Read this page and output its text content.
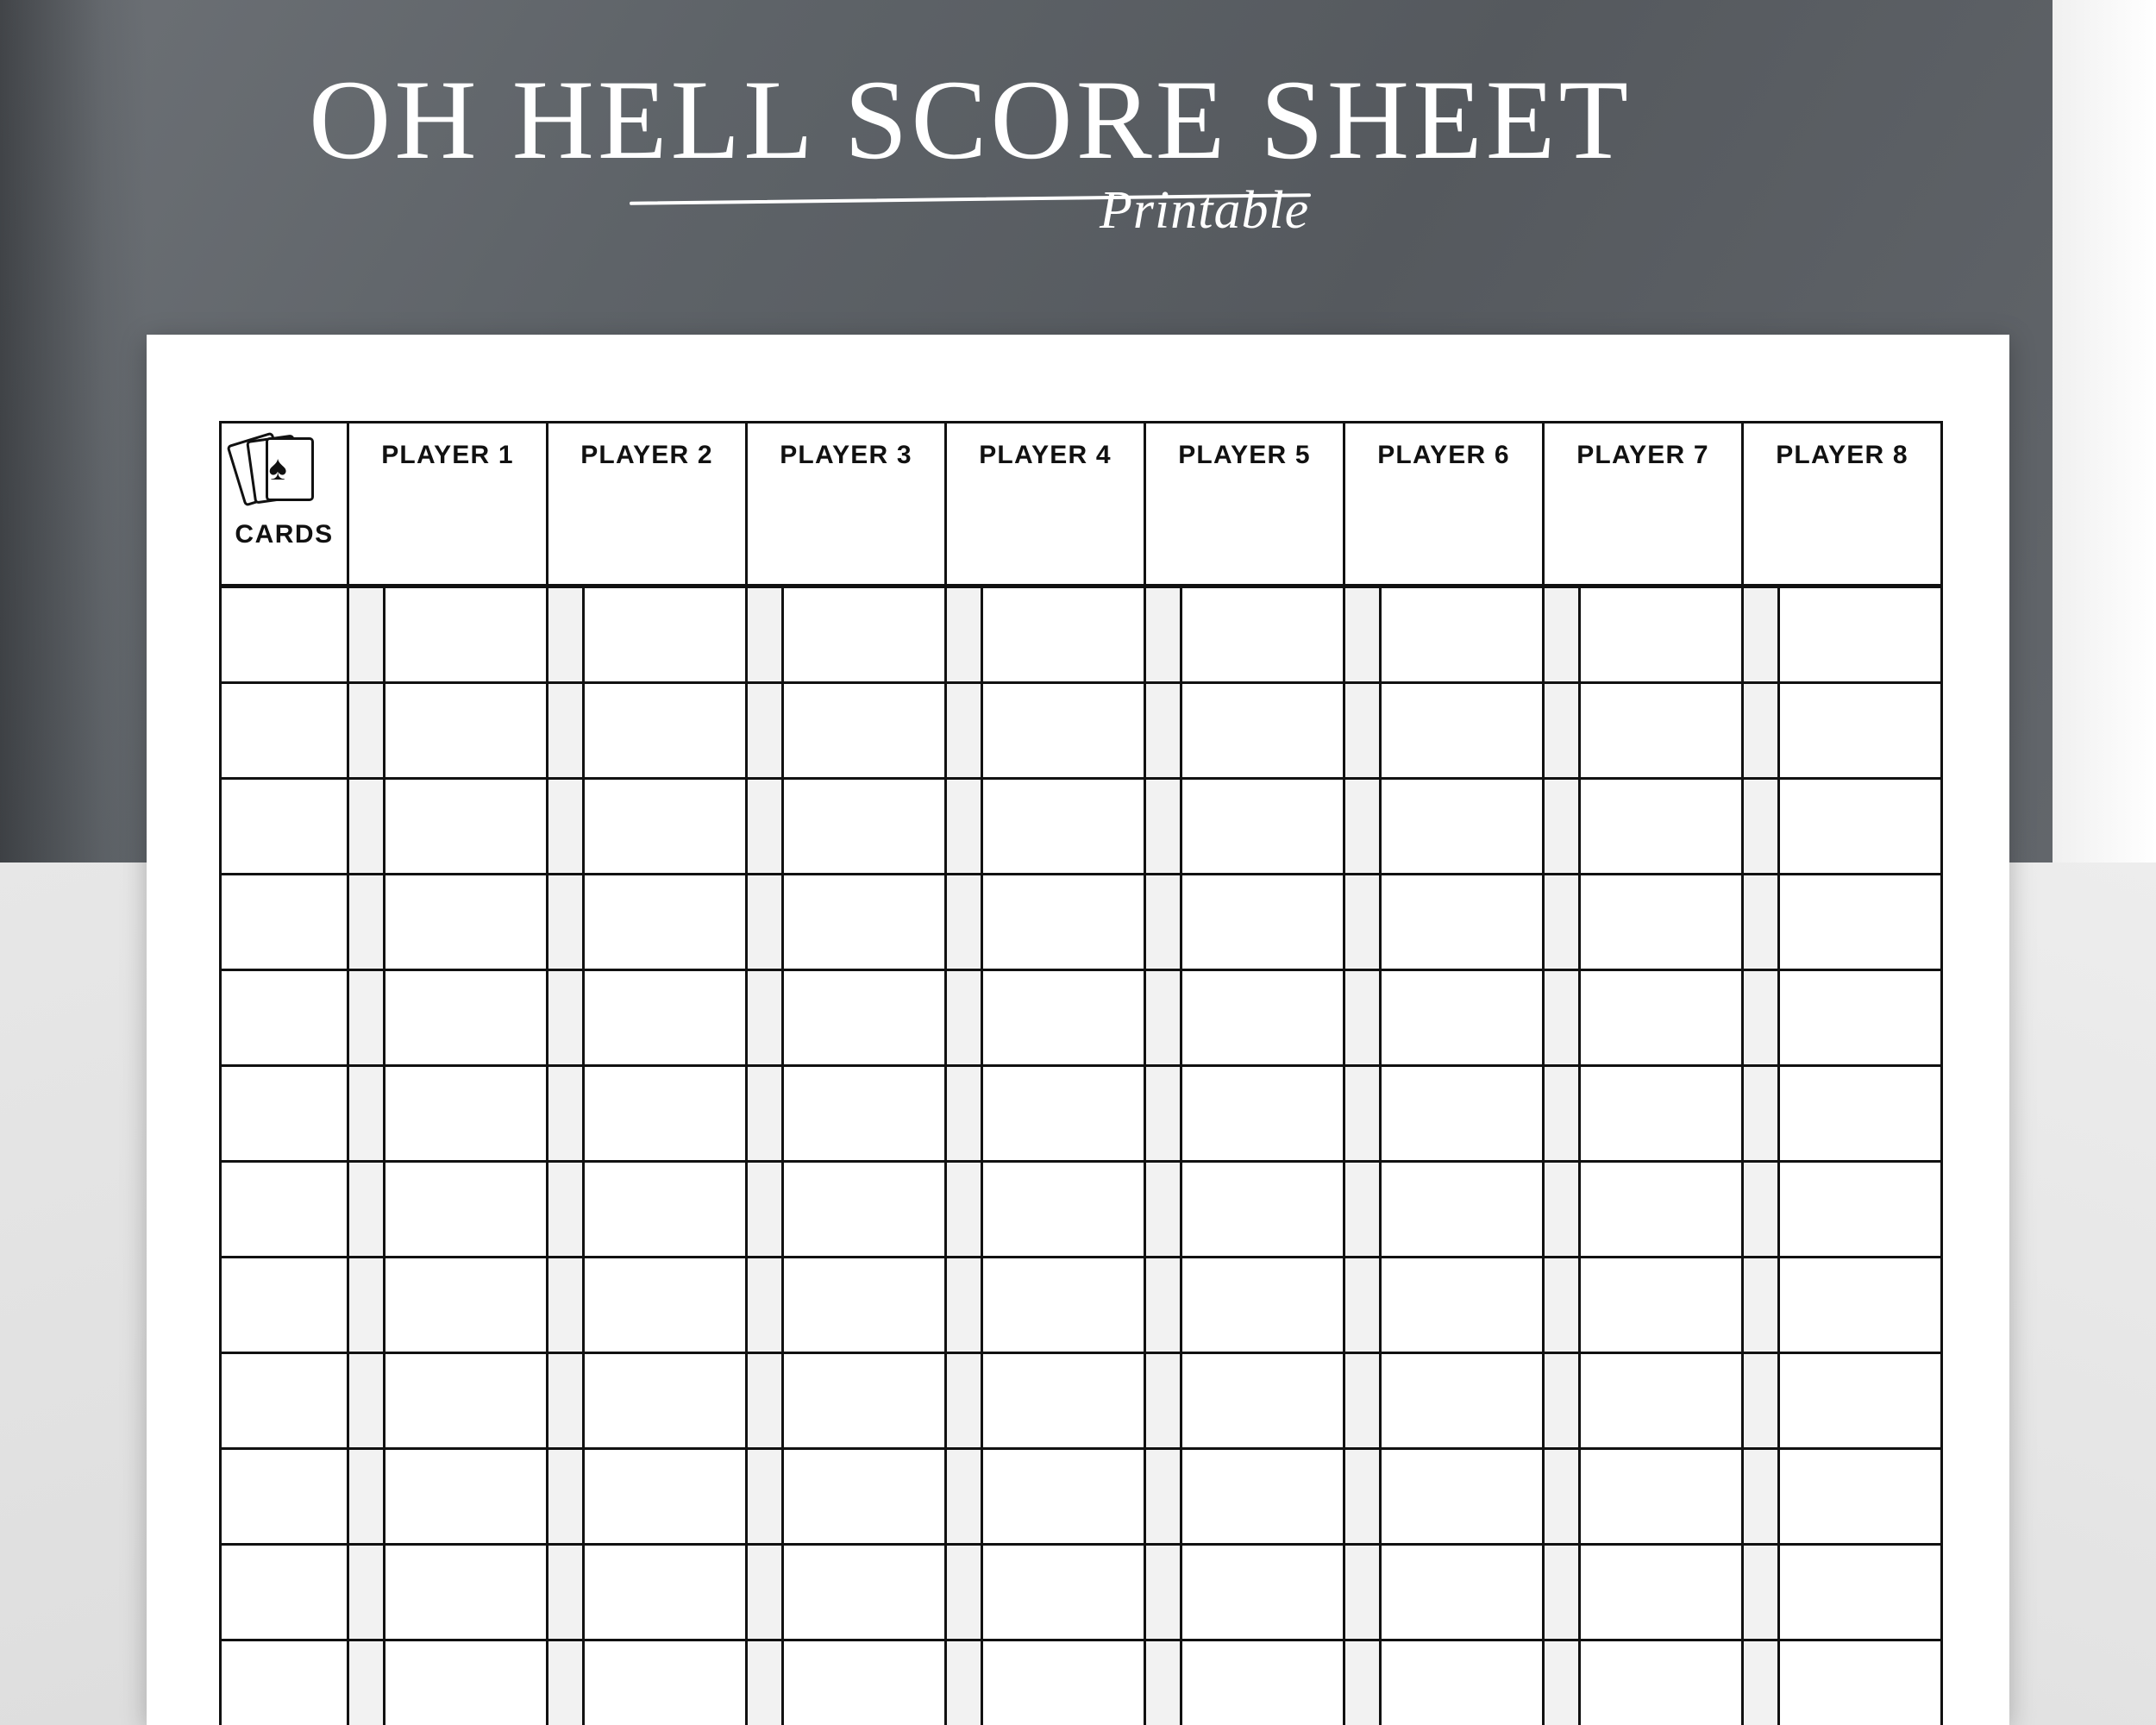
OH HELL SCORE SHEET
Printable
♠
CARDS	PLAYER 1		PLAYER 2		PLAYER 3		PLAYER 4		PLAYER 5		PLAYER 6		PLAYER 7		PLAYER 8	
